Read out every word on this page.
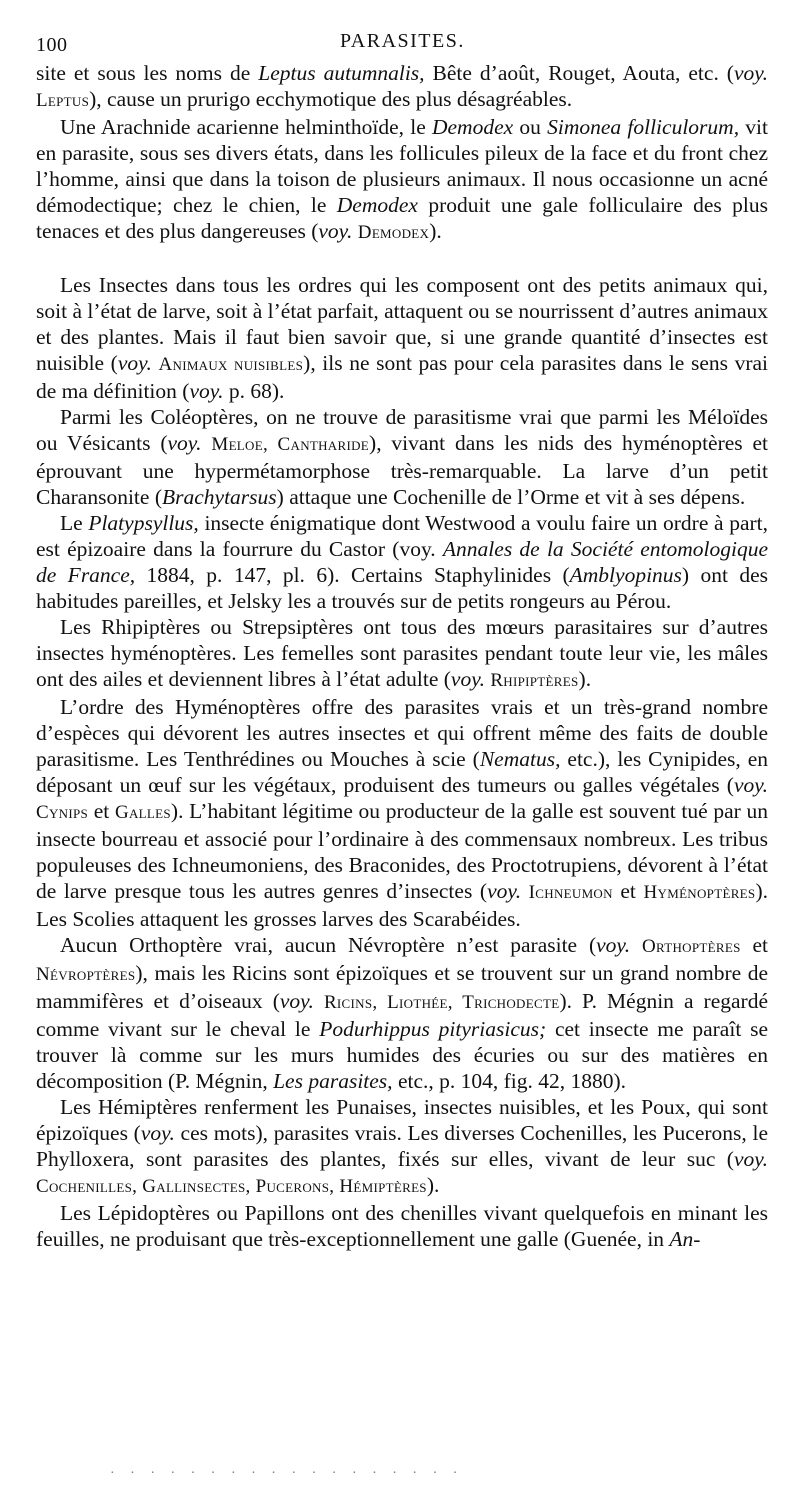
100	PARASITES.

site et sous les noms de Leptus autumnalis, Bête d’août, Rouget, Aouta, etc. (voy. Leptus), cause un prurigo ecchymotique des plus désagréables.

Une Arachnide acarienne helminthoïde, le Demodex ou Simonea folliculorum, vit en parasite, sous ses divers états, dans les follicules pileux de la face et du front chez l’homme, ainsi que dans la toison de plusieurs animaux. Il nous occasionne un acné démodectique; chez le chien, le Demodex produit une gale folliculaire des plus tenaces et des plus dangereuses (voy. Demodex).

Les Insectes dans tous les ordres qui les composent ont des petits animaux qui, soit à l’état de larve, soit à l’état parfait, attaquent ou se nourrissent d’autres animaux et des plantes. Mais il faut bien savoir que, si une grande quantité d’insectes est nuisible (voy. Animaux nuisibles), ils ne sont pas pour cela parasites dans le sens vrai de ma définition (voy. p. 68).

Parmi les Coléoptères, on ne trouve de parasitisme vrai que parmi les Méloïdes ou Vésicants (voy. Meloe, Cantharide), vivant dans les nids des hyménoptères et éprouvant une hypermétamorphose très-remarquable. La larve d’un petit Charansonite (Brachytarsus) attaque une Cochenille de l’Orme et vit à ses dépens.

Le Platypsyllus, insecte énigmatique dont Westwood a voulu faire un ordre à part, est épizoaire dans la fourrure du Castor (voy. Annales de la Société entomologique de France, 1884, p. 147, pl. 6). Certains Staphylinides (Amblyopinus) ont des habitudes pareilles, et Jelsky les a trouvés sur de petits rongeurs au Pérou.

Les Rhipiptères ou Strepsiptères ont tous des mœurs parasitaires sur d’autres insectes hyménoptères. Les femelles sont parasites pendant toute leur vie, les mâles ont des ailes et deviennent libres à l’état adulte (voy. Rhipiptères).

L’ordre des Hyménoptères offre des parasites vrais et un très-grand nombre d’espèces qui dévorent les autres insectes et qui offrent même des faits de double parasitisme. Les Tenthrédines ou Mouches à scie (Nematus, etc.), les Cynipides, en déposant un œuf sur les végétaux, produisent des tumeurs ou galles végétales (voy. Cynips et Galles). L’habitant légitime ou producteur de la galle est souvent tué par un insecte bourreau et associé pour l’ordinaire à des commensaux nombreux. Les tribus populeuses des Ichneumoniens, des Braconides, des Proctotrupiens, dévorent à l’état de larve presque tous les autres genres d’insectes (voy. Ichneumon et Hyménoptères). Les Scolies attaquent les grosses larves des Scarabéides.

Aucun Orthoptère vrai, aucun Névroptère n’est parasite (voy. Orthoptères et Névroptères), mais les Ricins sont épizoïques et se trouvent sur un grand nombre de mammifères et d’oiseaux (voy. Ricins, Liothée, Trichodecte). P. Mégnin a regardé comme vivant sur le cheval le Podurhippus pityriasicus; cet insecte me paraît se trouver là comme sur les murs humides des écuries ou sur des matières en décomposition (P. Mégnin, Les parasites, etc., p. 104, fig. 42, 1880).

Les Hémiptères renferment les Punaises, insectes nuisibles, et les Poux, qui sont épizoïques (voy. ces mots), parasites vrais. Les diverses Cochenilles, les Pucerons, le Phylloxera, sont parasites des plantes, fixés sur elles, vivant de leur suc (voy. Cochenilles, Gallinsectes, Pucerons, Hémiptères).

Les Lépidoptères ou Papillons ont des chenilles vivant quelquefois en minant les feuilles, ne produisant que très-exceptionnellement une galle (Guenée, in An-

· · · · · · · · · · · · · · · · · ·
